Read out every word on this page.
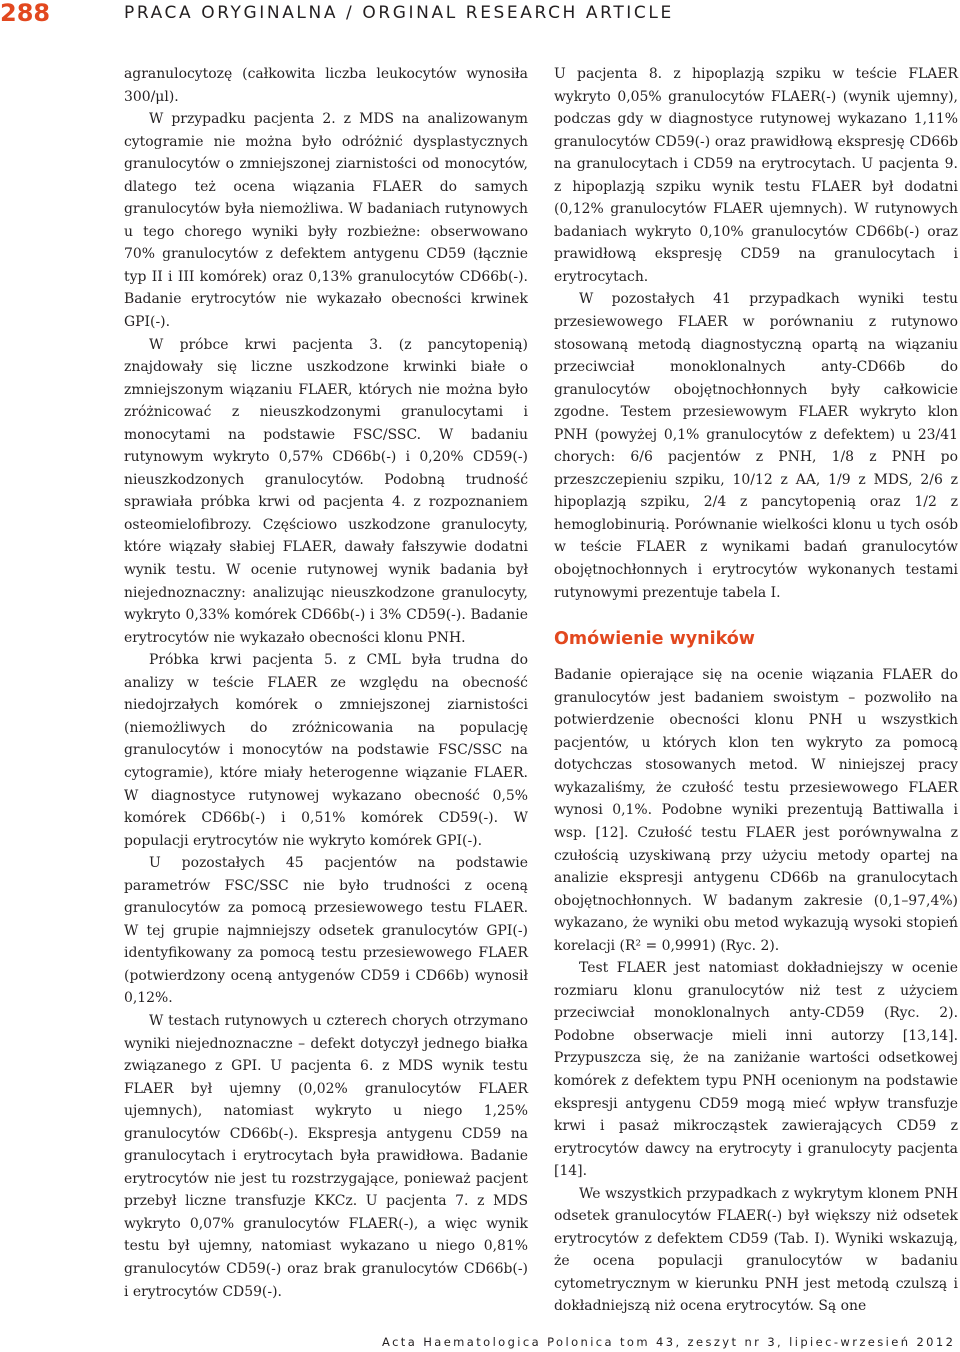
288	PRACA ORYGINALNA / ORGINAL RESEARCH ARTICLE

agranulocytozę (całkowita liczba leukocytów wynosiła 300/μl).

W przypadku pacjenta 2. z MDS na analizowanym cytogramie nie można było odróżnić dysplastycznych granulocytów o zmniejszonej ziarnistości od monocytów, dlatego też ocena wiązania FLAER do samych granulocytów była niemożliwa. W badaniach rutynowych u tego chorego wyniki były rozbieżne: obserwowano 70% granulocytów z defektem antygenu CD59 (łącznie typ II i III komórek) oraz 0,13% granulocytów CD66b(-). Badanie erytrocytów nie wykazało obecności krwinek GPI(-).

W próbce krwi pacjenta 3. (z pancytopenią) znajdowały się liczne uszkodzone krwinki białe o zmniejszonym wiązaniu FLAER, których nie można było zróżnicować z nieuszkodzonymi granulocytami i monocytami na podstawie FSC/SSC. W badaniu rutynowym wykryto 0,57% CD66b(-) i 0,20% CD59(-) nieuszkodzonych granulocytów. Podobną trudność sprawiała próbka krwi od pacjenta 4. z rozpoznaniem osteomielofibrozy. Częściowo uszkodzone granulocyty, które wiązały słabiej FLAER, dawały fałszywie dodatni wynik testu. W ocenie rutynowej wynik badania był niejednoznaczny: analizując nieuszkodzone granulocyty, wykryto 0,33% komórek CD66b(-) i 3% CD59(-). Badanie erytrocytów nie wykazało obecności klonu PNH.

Próbka krwi pacjenta 5. z CML była trudna do analizy w teście FLAER ze względu na obecność niedojrzałych komórek o zmniejszonej ziarnistości (niemożliwych do zróżnicowania na populację granulocytów i monocytów na podstawie FSC/SSC na cytogramie), które miały heterogenne wiązanie FLAER. W diagnostyce rutynowej wykazano obecność 0,5% komórek CD66b(-) i 0,51% komórek CD59(-). W populacji erytrocytów nie wykryto komórek GPI(-).

U pozostałych 45 pacjentów na podstawie parametrów FSC/SSC nie było trudności z oceną granulocytów za pomocą przesiewowego testu FLAER. W tej grupie najmniejszy odsetek granulocytów GPI(-) identyfikowany za pomocą testu przesiewowego FLAER (potwierdzony oceną antygenów CD59 i CD66b) wynosił 0,12%.

W testach rutynowych u czterech chorych otrzymano wyniki niejednoznaczne – defekt dotyczył jednego białka związanego z GPI. U pacjenta 6. z MDS wynik testu FLAER był ujemny (0,02% granulocytów FLAER ujemnych), natomiast wykryto u niego 1,25% granulocytów CD66b(-). Ekspresja antygenu CD59 na granulocytach i erytrocytach była prawidłowa. Badanie erytrocytów nie jest tu rozstrzygające, ponieważ pacjent przebył liczne transfuzje KKCz. U pacjenta 7. z MDS wykryto 0,07% granulocytów FLAER(-), a więc wynik testu był ujemny, natomiast wykazano u niego 0,81% granulocytów CD59(-) oraz brak granulocytów CD66b(-) i erytrocytów CD59(-).

U pacjenta 8. z hipoplazją szpiku w teście FLAER wykryto 0,05% granulocytów FLAER(-) (wynik ujemny), podczas gdy w diagnostyce rutynowej wykazano 1,11% granulocytów CD59(-) oraz prawidłową ekspresję CD66b na granulocytach i CD59 na erytrocytach. U pacjenta 9. z hipoplazją szpiku wynik testu FLAER był dodatni (0,12% granulocytów FLAER ujemnych). W rutynowych badaniach wykryto 0,10% granulocytów CD66b(-) oraz prawidłową ekspresję CD59 na granulocytach i erytrocytach.

W pozostałych 41 przypadkach wyniki testu przesiewowego FLAER w porównaniu z rutynowo stosowaną metodą diagnostyczną opartą na wiązaniu przeciwciał monoklonalnych anty-CD66b do granulocytów obojętnochłonnych były całkowicie zgodne. Testem przesiewowym FLAER wykryto klon PNH (powyżej 0,1% granulocytów z defektem) u 23/41 chorych: 6/6 pacjentów z PNH, 1/8 z PNH po przeszczepieniu szpiku, 10/12 z AA, 1/9 z MDS, 2/6 z hipoplazją szpiku, 2/4 z pancytopenią oraz 1/2 z hemoglobinurią. Porównanie wielkości klonu u tych osób w teście FLAER z wynikami badań granulocytów obojętnochłonnych i erytrocytów wykonanych testami rutynowymi prezentuje tabela I.

Omówienie wyników

Badanie opierające się na ocenie wiązania FLAER do granulocytów jest badaniem swoistym – pozwoliło na potwierdzenie obecności klonu PNH u wszystkich pacjentów, u których klon ten wykryto za pomocą dotychczas stosowanych metod. W niniejszej pracy wykazaliśmy, że czułość testu przesiewowego FLAER wynosi 0,1%. Podobne wyniki prezentują Battiwalla i wsp. [12]. Czułość testu FLAER jest porównywalna z czułością uzyskiwaną przy użyciu metody opartej na analizie ekspresji antygenu CD66b na granulocytach obojętnochłonnych. W badanym zakresie (0,1–97,4%) wykazano, że wyniki obu metod wykazują wysoki stopień korelacji (R² = 0,9991) (Ryc. 2).

Test FLAER jest natomiast dokładniejszy w ocenie rozmiaru klonu granulocytów niż test z użyciem przeciwciał monoklonalnych anty-CD59 (Ryc. 2). Podobne obserwacje mieli inni autorzy [13,14]. Przypuszcza się, że na zaniżanie wartości odsetkowej komórek z defektem typu PNH ocenionym na podstawie ekspresji antygenu CD59 mogą mieć wpływ transfuzje krwi i pasaż mikrocząstek zawierających CD59 z erytrocytów dawcy na erytrocyty i granulocyty pacjenta [14].

We wszystkich przypadkach z wykrytym klonem PNH odsetek granulocytów FLAER(-) był większy niż odsetek erytrocytów z defektem CD59 (Tab. I). Wyniki wskazują, że ocena populacji granulocytów w badaniu cytometrycznym w kierunku PNH jest metodą czulszą i dokładniejszą niż ocena erytrocytów. Są one

Acta Haematologica Polonica tom 43, zeszyt nr 3, lipiec-wrzesień 2012
